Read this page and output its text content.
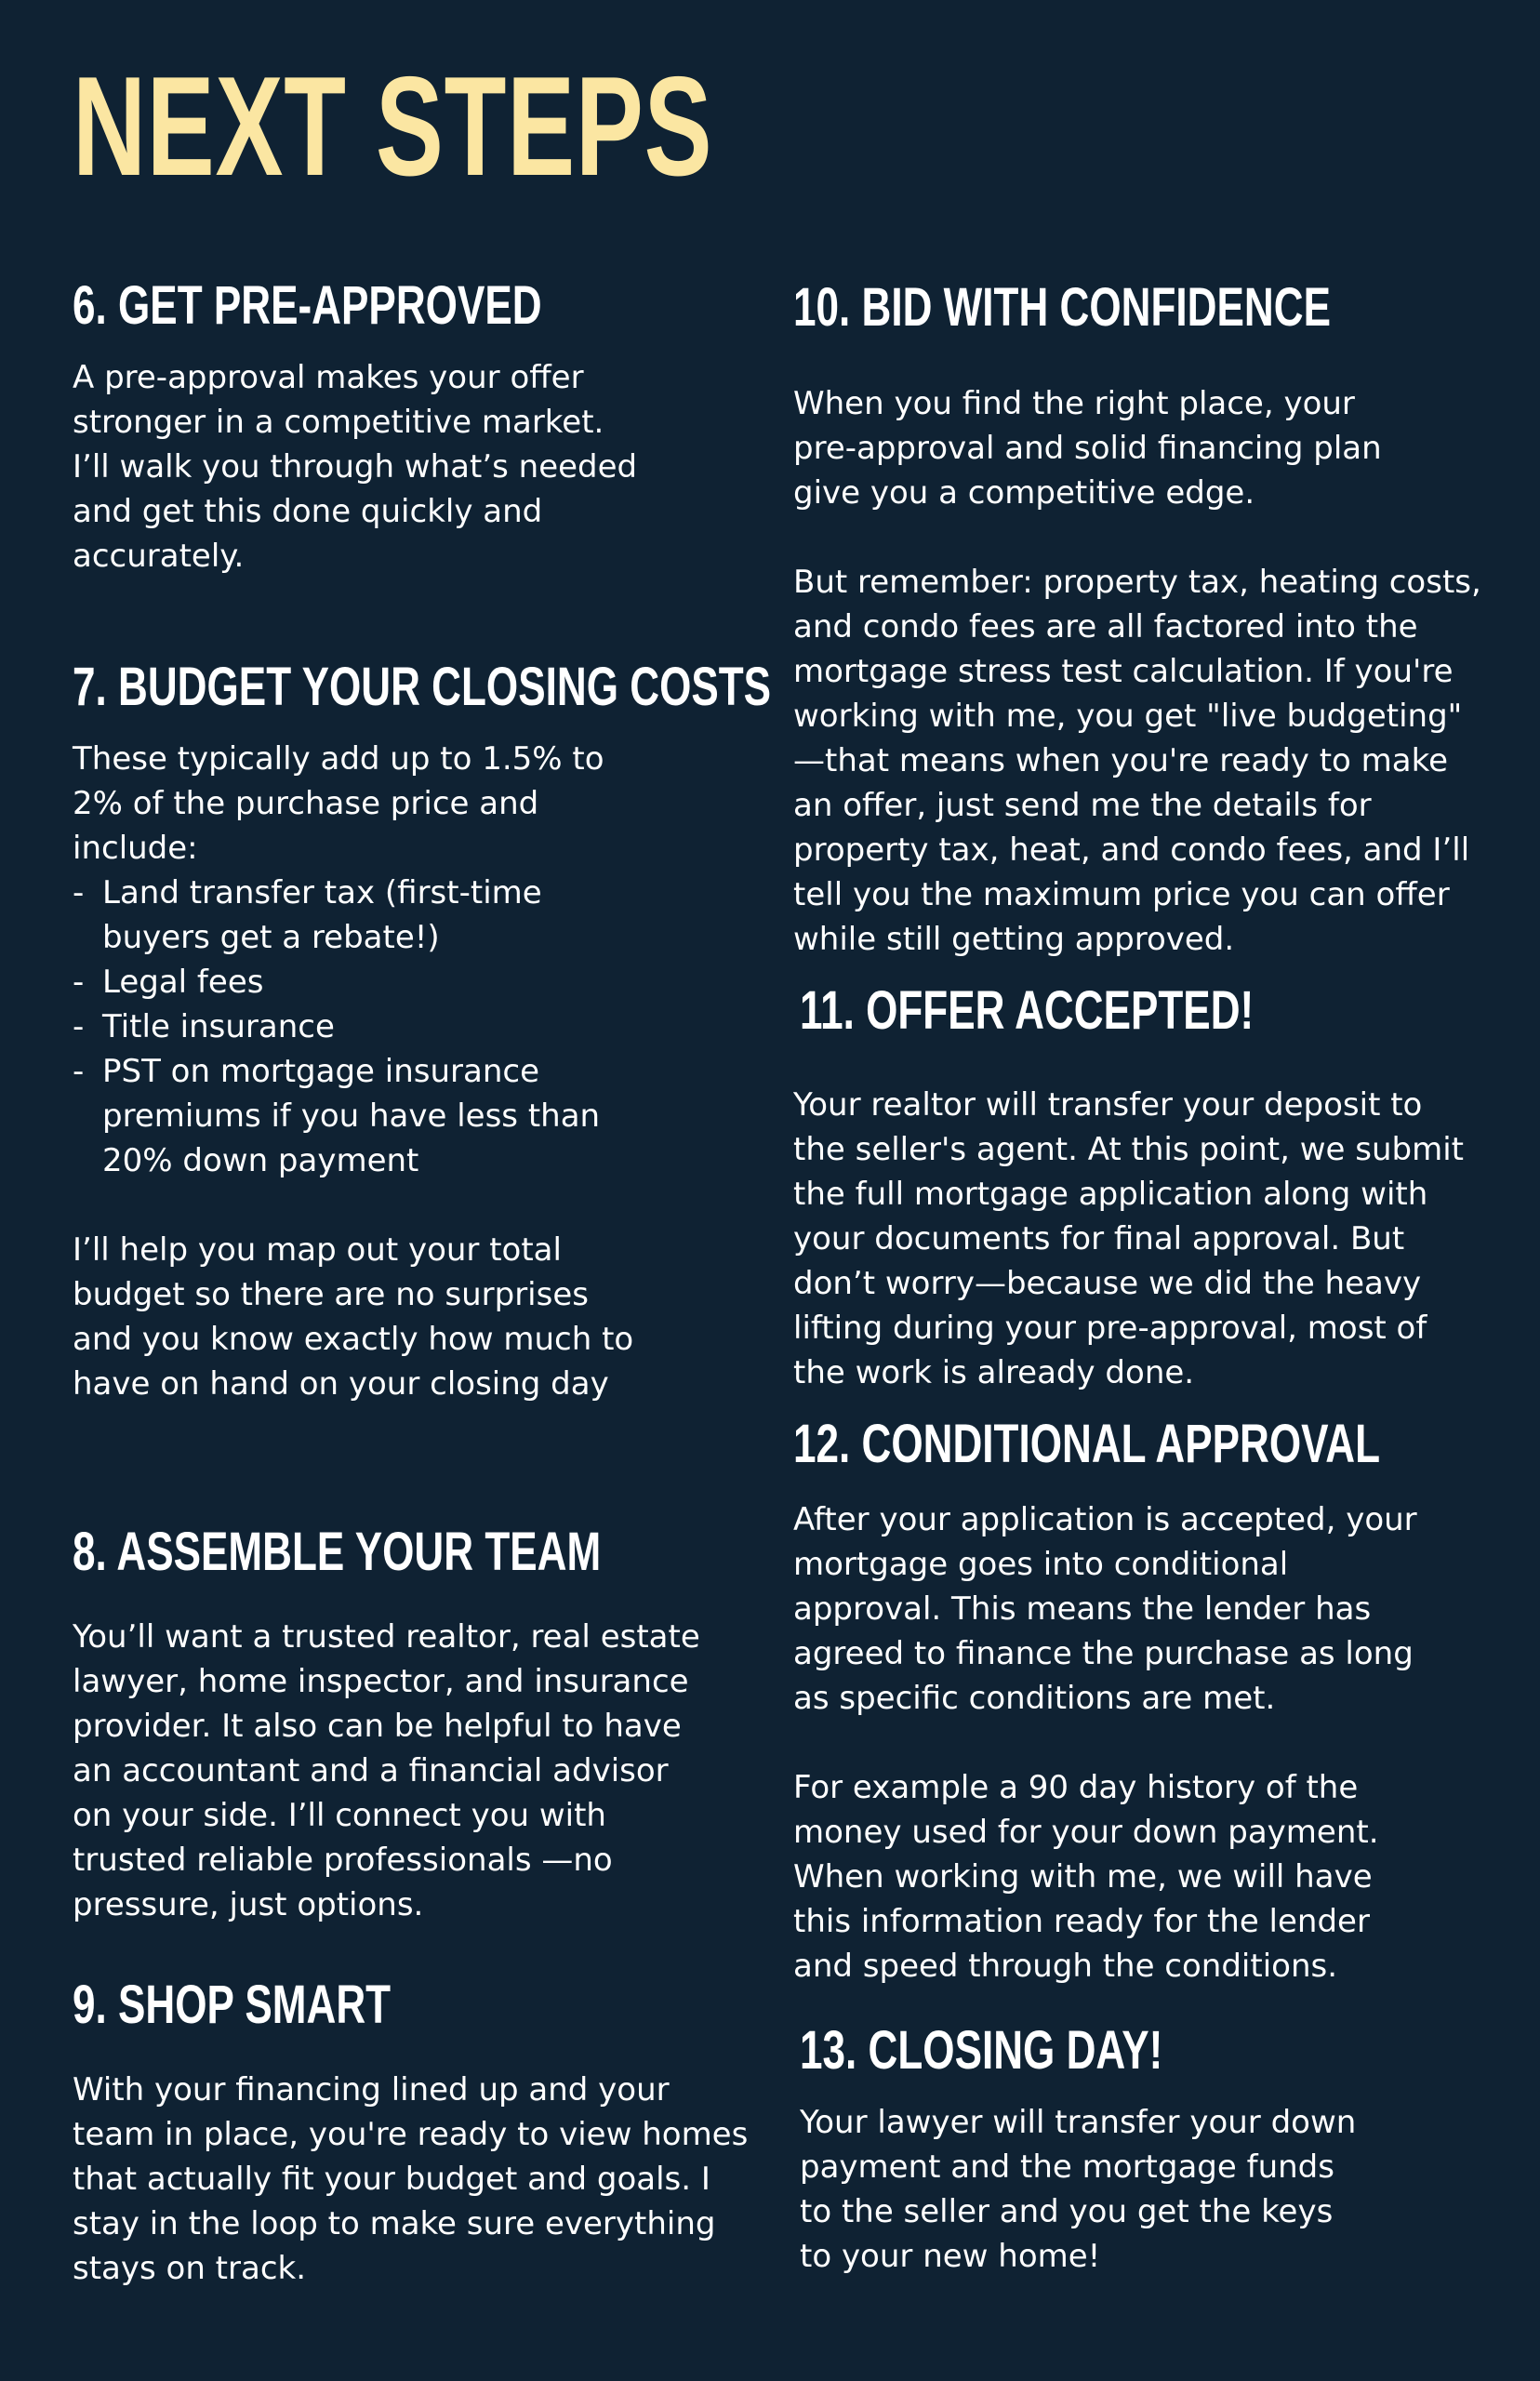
NEXT STEPS
6. GET PRE-APPROVED
A pre-approval makes your offer
stronger in a competitive market.
I’ll walk you through what’s needed
and get this done quickly and
accurately.
7. BUDGET YOUR CLOSING COSTS
These typically add up to 1.5% to
2% of the purchase price and
include:
- Land transfer tax (first-time
buyers get a rebate!)
- Legal fees
- Title insurance
- PST on mortgage insurance
premiums if you have less than
20% down payment
I’ll help you map out your total
budget so there are no surprises
and you know exactly how much to
have on hand on your closing day
8. ASSEMBLE YOUR TEAM
You’ll want a trusted realtor, real estate
lawyer, home inspector, and insurance
provider. It also can be helpful to have
an accountant and a financial advisor
on your side. I’ll connect you with
trusted reliable professionals —no
pressure, just options.
9. SHOP SMART
With your financing lined up and your
team in place, you're ready to view homes
that actually fit your budget and goals. I
stay in the loop to make sure everything
stays on track.
10. BID WITH CONFIDENCE
When you find the right place, your
pre-approval and solid financing plan
give you a competitive edge.
But remember: property tax, heating costs,
and condo fees are all factored into the
mortgage stress test calculation. If you're
working with me, you get "live budgeting"
—that means when you're ready to make
an offer, just send me the details for
property tax, heat, and condo fees, and I’ll
tell you the maximum price you can offer
while still getting approved.
11. OFFER ACCEPTED!
Your realtor will transfer your deposit to
the seller's agent. At this point, we submit
the full mortgage application along with
your documents for final approval. But
don’t worry—because we did the heavy
lifting during your pre-approval, most of
the work is already done.
12. CONDITIONAL APPROVAL
After your application is accepted, your
mortgage goes into conditional
approval. This means the lender has
agreed to finance the purchase as long
as specific conditions are met.
For example a 90 day history of the
money used for your down payment.
When working with me, we will have
this information ready for the lender
and speed through the conditions.
13. CLOSING DAY!
Your lawyer will transfer your down
payment and the mortgage funds
to the seller and you get the keys
to your new home!
